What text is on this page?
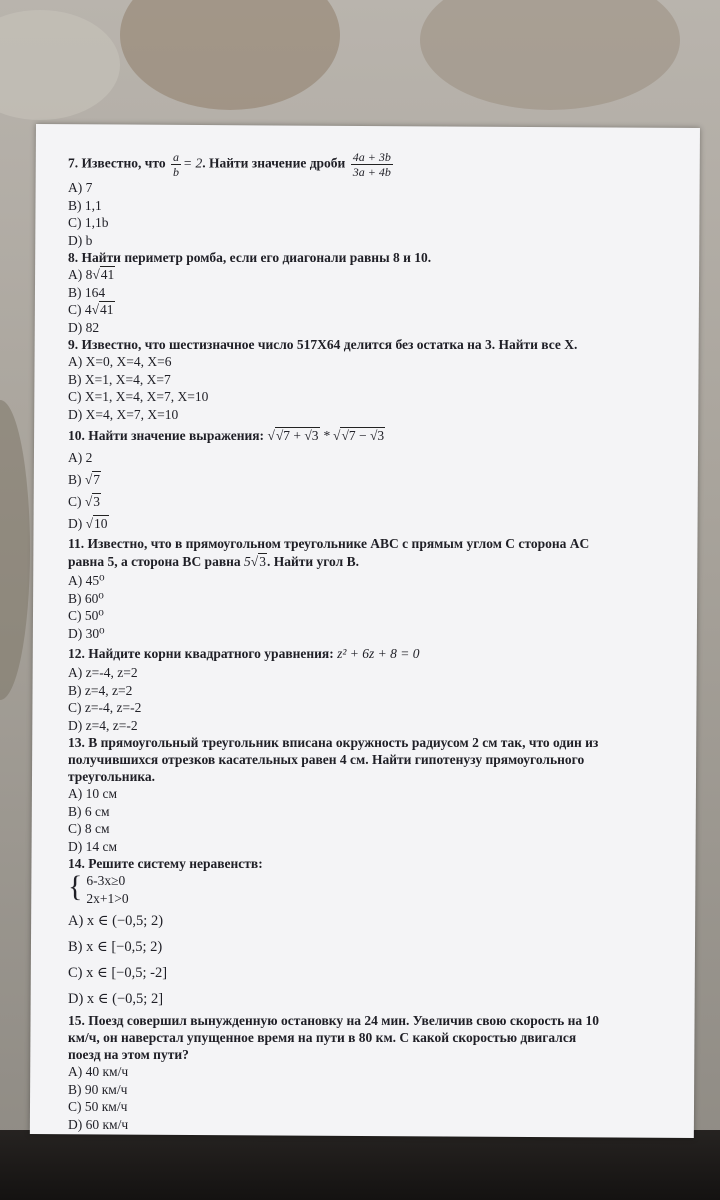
7. Известно, что $\frac{a}{b} = 2$. Найти значение дроби $\frac{4a + 3b}{3a + 4b}$

A) 7

B) 1,1

C) 1,1b

D) b

8. Найти периметр ромба, если его диагонали равны 8 и 10.

A) 8√41

B) 164

C) 4√41

D) 82

9. Известно, что шестизначное число 517X64 делится без остатка на 3. Найти все X.

A) X=0, X=4, X=6

B) X=1, X=4, X=7

C) X=1, X=4, X=7, X=10

D) X=4, X=7, X=10

10. Найти значение выражения: √√7 + √3 * √√7 − √3

A) 2

B) √7

C) √3

D) √10

11. Известно, что в прямоугольном треугольнике ABC с прямым углом C сторона AC

равна 5, а сторона BC равна 5√3. Найти угол B.

A) 45⁰

B) 60⁰

C) 50⁰

D) 30⁰

12. Найдите корни квадратного уравнения: z² + 6z + 8 = 0

A) z=-4, z=2

B) z=4, z=2

C) z=-4, z=-2

D) z=4, z=-2

13. В прямоугольный треугольник вписана окружность радиусом 2 см так, что один из

получившихся отрезков касательных равен 4 см. Найти гипотенузу прямоугольного

треугольника.

A) 10 см

B) 6 см

C) 8 см

D) 14 см

14. Решите систему неравенств:

{ 6-3x≥0
2x+1>0

A) x ∈ (−0,5; 2)

B) x ∈ [−0,5; 2)

C) x ∈ [−0,5; -2]

D) x ∈ (−0,5; 2]

15. Поезд совершил вынужденную остановку на 24 мин. Увеличив свою скорость на 10

км/ч, он наверстал упущенное время на пути в 80 км. С какой скоростью двигался

поезд на этом пути?

A) 40 км/ч

B) 90 км/ч

C) 50 км/ч

D) 60 км/ч
